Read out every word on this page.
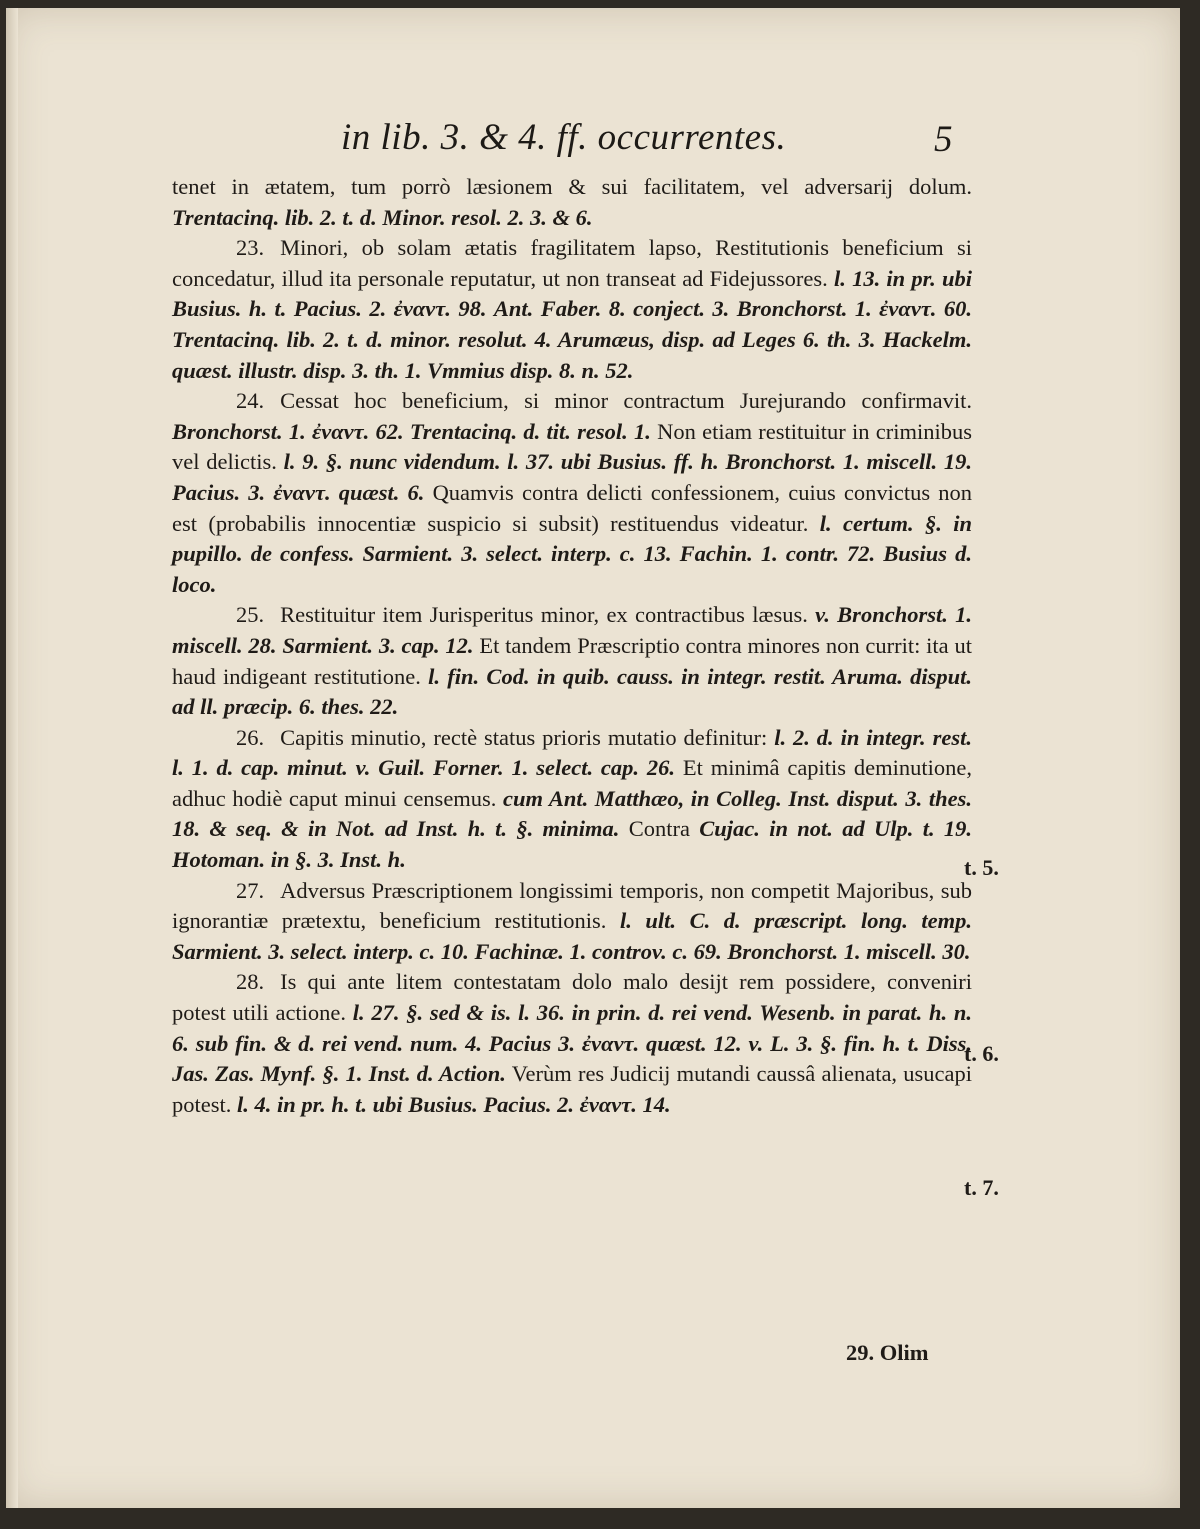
in lib. 3. & 4. ff. occurrentes.	5

tenet in ætatem, tum porrò læsionem & sui facilitatem, vel adversarij dolum. Trentacinq. lib. 2. t. d. Minor. resol. 2. 3. & 6.

23. Minori, ob solam ætatis fragilitatem lapso, Restitutionis beneficium si concedatur, illud ita personale reputatur, ut non transeat ad Fidejussores. l. 13. in pr. ubi Busius. h. t. Pacius. 2. ἐναντ. 98. Ant. Faber. 8. conject. 3. Bronchorst. 1. ἐναντ. 60. Trentacinq. lib. 2. t. d. minor. resolut. 4. Arumæus, disp. ad Leges 6. th. 3. Hackelm. quæst. illustr. disp. 3. th. 1. Vmmius disp. 8. n. 52.

24. Cessat hoc beneficium, si minor contractum Jurejurando confirmavit. Bronchorst. 1. ἐναντ. 62. Trentacinq. d. tit. resol. 1. Non etiam restituitur in criminibus vel delictis. l. 9. §. nunc videndum. l. 37. ubi Busius. ff. h. Bronchorst. 1. miscell. 19. Pacius. 3. ἐναντ. quæst. 6. Quamvis contra delicti confessionem, cuius convictus non est (probabilis innocentiæ suspicio si subsit) restituendus videatur. l. certum. §. in pupillo. de confess. Sarmient. 3. select. interp. c. 13. Fachin. 1. contr. 72. Busius d. loco.

25. Restituitur item Jurisperitus minor, ex contractibus læsus. v. Bronchorst. 1. miscell. 28. Sarmient. 3. cap. 12. Et tandem Præscriptio contra minores non currit: ita ut haud indigeant restitutione. l. fin. Cod. in quib. causs. in integr. restit. Aruma. disput. ad ll. præcip. 6. thes. 22.

26. Capitis minutio, rectè status prioris mutatio definitur: l. 2. d. in integr. rest. l. 1. d. cap. minut. v. Guil. Forner. 1. select. cap. 26. Et minimâ capitis deminutione, adhuc hodiè caput minui censemus. cum Ant. Matthæo, in Colleg. Inst. disput. 3. thes. 18. & seq. & in Not. ad Inst. h. t. §. minima. Contra Cujac. in not. ad Ulp. t. 19. Hotoman. in §. 3. Inst. h.

27. Adversus Præscriptionem longissimi temporis, non competit Majoribus, sub ignorantiæ prætextu, beneficium restitutionis. l. ult. C. d. præscript. long. temp. Sarmient. 3. select. interp. c. 10. Fachinæ. 1. controv. c. 69. Bronchorst. 1. miscell. 30.

28. Is qui ante litem contestatam dolo malo desijt rem possidere, conveniri potest utili actione. l. 27. §. sed & is. l. 36. in prin. d. rei vend. Wesenb. in parat. h. n. 6. sub fin. & d. rei vend. num. 4. Pacius 3. ἐναντ. quæst. 12. v. L. 3. §. fin. h. t. Diss. Jas. Zas. Mynf. §. 1. Inst. d. Action. Verùm res Judicij mutandi caussâ alienata, usucapi potest. l. 4. in pr. h. t. ubi Busius. Pacius. 2. ἐναντ. 14.

t. 5.
t. 6.
t. 7.
29. Olim
